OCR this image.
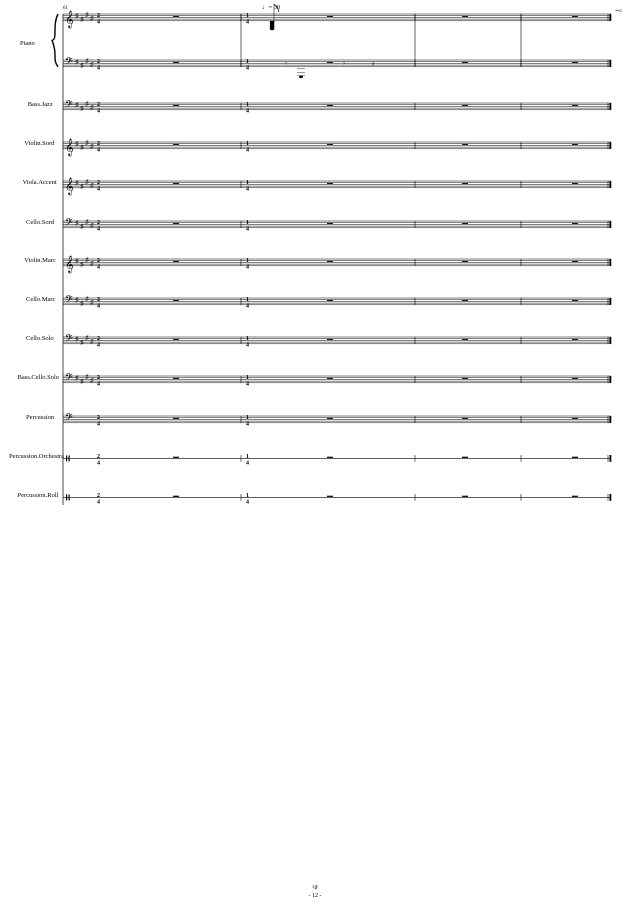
61	♩= 30
𝄞 ♯ ♯
♯ ♯ 2
4
1
4
𝄢 ♯ ♯
♯ ♯ 2
4
1
4
𝄾	𝄾	𝄽
⇝⌕
𝄢 ♯ ♯
♯ ♯ 2
4
1
4
𝄞 ♯ ♯
♯ ♯ 2
4
1
4
𝄞 ♯ ♯
♯ ♯ 2
4
1
4
𝄢 ♯ ♯
♯ ♯ 2
4
1
4
𝄞 ♯ ♯
♯ ♯ 2
4
1
4
𝄢 ♯ ♯
♯ ♯ 2
4
1
4
𝄢 ♯ ♯
♯ ♯ 2
4
1
4
𝄢 ♯ ♯
♯ ♯ 2
4
1
4
𝄢	2
4
1
4
2
4
1
4
2
4
1
4
Piano
Bass.Jazz
Violin.Sord
Viola.Accent
Cello.Sord
Violin.Marc
Cello.Marc
Cello.Solo
Bass.Cello.Solo
Percussion
Percussion.Orchestra
Percussion.Roll
♮♯
- 12 -
